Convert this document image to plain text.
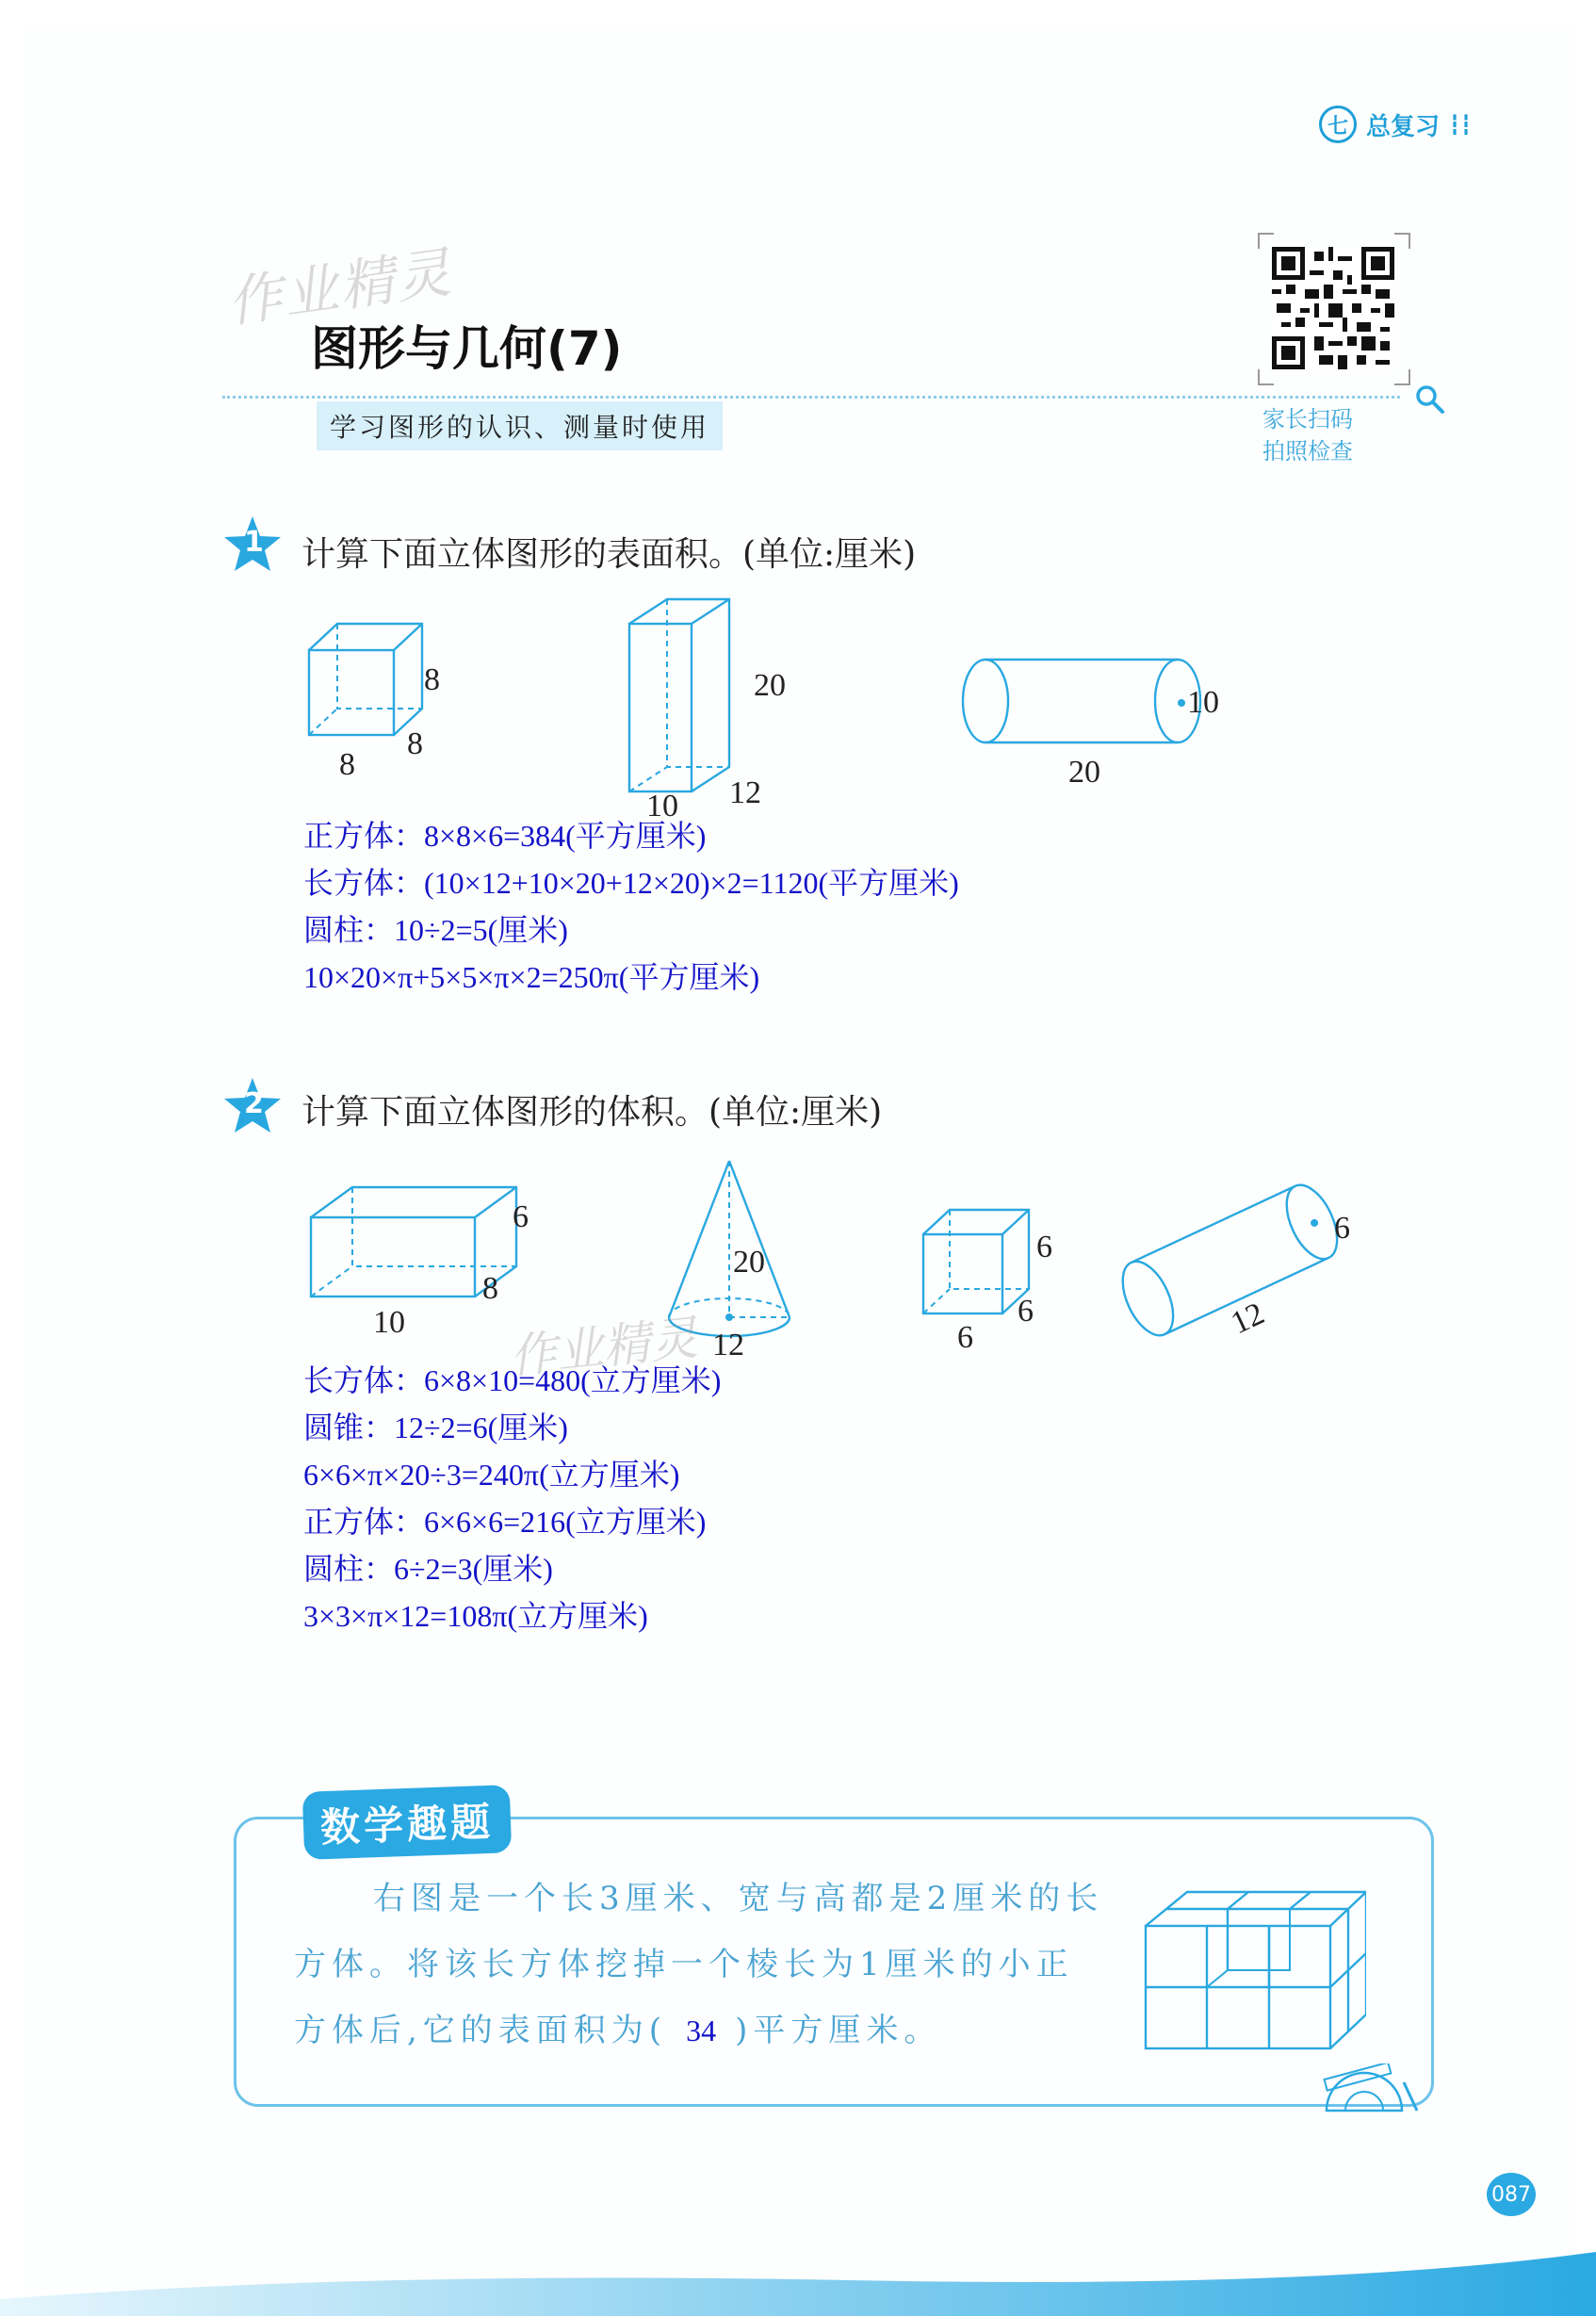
七 总复习 ┇┇
作业精灵
图形与几何(7)
学习图形的认识、测量时使用	家长扫码
拍照检查
1 计算下面立体图形的表面积。(单位:厘米)
8
8
8
20
10 12
10
20
正方体：8×8×6=384(平方厘米)
长方体：(10×12+10×20+12×20)×2=1120(平方厘米)
圆柱：10÷2=5(厘米)
10×20×π+5×5×π×2=250π(平方厘米)
2 计算下面立体图形的体积。(单位:厘米)
6
8
10
20
12
6
6
6
6
12
作业精灵
长方体：6×8×10=480(立方厘米)
圆锥：12÷2=6(厘米)
6×6×π×20÷3=240π(立方厘米)
正方体：6×6×6=216(立方厘米)
圆柱：6÷2=3(厘米)
3×3×π×12=108π(立方厘米)
数学趣题
右图是一个长3厘米、宽与高都是2厘米的长
方体。将该长方体挖掉一个棱长为1厘米的小正
方体后,它的表面积为( 34 )平方厘米。
087
